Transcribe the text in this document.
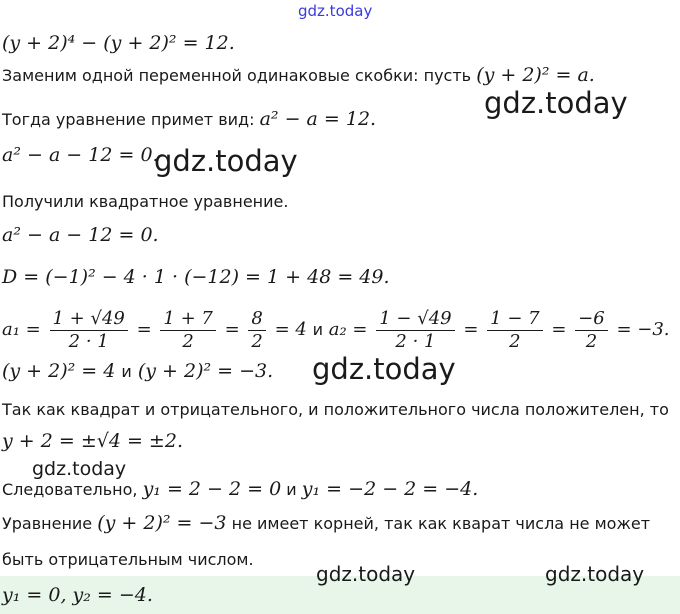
gdz.today
gdz.today
gdz.today
gdz.today
gdz.today
gdz.today	gdz.today
(y + 2)⁴ − (y + 2)² = 12.
Заменим одной переменной одинаковые скобки: пусть (y + 2)² = a.
Тогда уравнение примет вид: a² − a = 12.
a² − a − 12 = 0.
Получили квадратное уравнение.
a² − a − 12 = 0.
D = (−1)² − 4 · 1 · (−12) = 1 + 48 = 49.
$a_1 = \frac{1 + √49}{2 \cdot 1} = \frac{1 + 7}{2} = \frac{8}{2} = 4$ и $a_2 = \frac{1 - √49}{2 \cdot 1} = \frac{1 - 7}{2} = \frac{-6}{2} = -3$.
(y + 2)² = 4 и (y + 2)² = −3.
Так как квадрат и отрицательного, и положительного числа положителен, то
y + 2 = ±√4 = ±2.
Следовательно, y₁ = 2 − 2 = 0 и y₁ = −2 − 2 = −4.
Уравнение (y + 2)² = −3 не имеет корней, так как кварат числа не может
быть отрицательным числом.
y₁ = 0, y₂ = −4.
